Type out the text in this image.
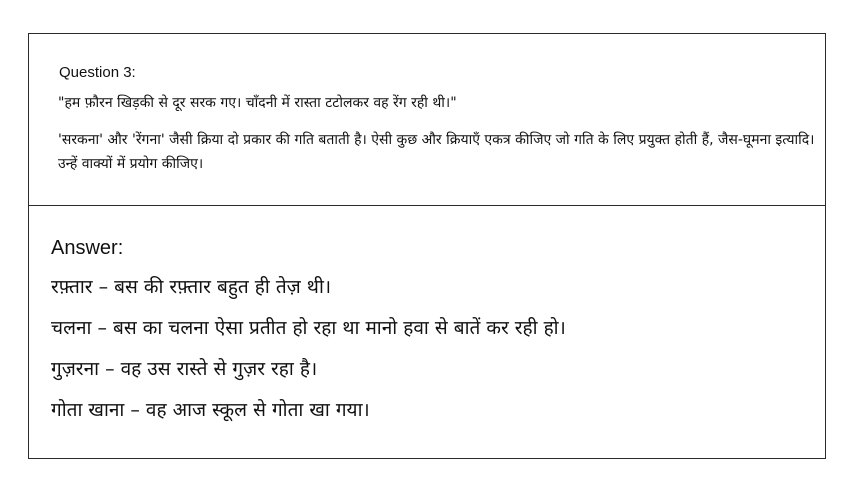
Question 3:
"हम फ़ौरन खिड़की से दूर सरक गए। चाँदनी में रास्ता टटोलकर वह रेंग रही थी।"
'सरकना' और 'रेंगना' जैसी क्रिया दो प्रकार की गति बताती है। ऐसी कुछ और क्रियाएँ एकत्र कीजिए जो गति के लिए प्रयुक्त होती हैं, जैस-घूमना इत्यादि। उन्हें वाक्यों में प्रयोग कीजिए।
Answer:
रफ़्तार – बस की रफ़्तार बहुत ही तेज़ थी।
चलना – बस का चलना ऐसा प्रतीत हो रहा था मानो हवा से बातें कर रही हो।
गुज़रना – वह उस रास्ते से गुज़र रहा है।
गोता खाना – वह आज स्कूल से गोता खा गया।
